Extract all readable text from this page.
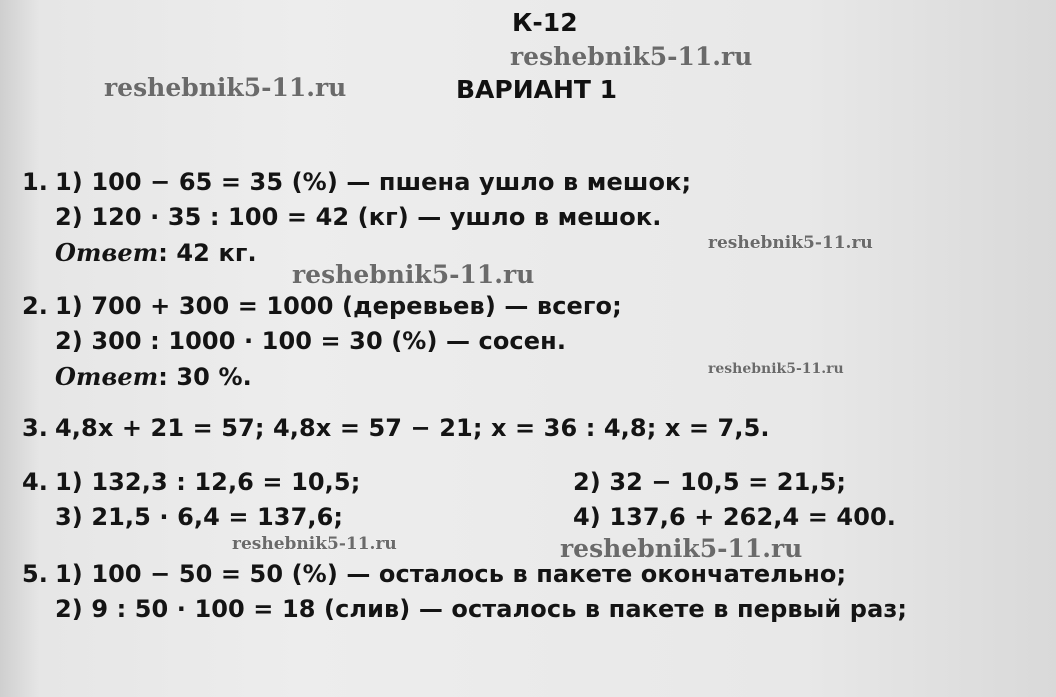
К-12
ВАРИАНТ 1
reshebnik5-11.ru
reshebnik5-11.ru
reshebnik5-11.ru
reshebnik5-11.ru
reshebnik5-11.ru
reshebnik5-11.ru	reshebnik5-11.ru
1. 1) 100 − 65 = 35 (%) — пшена ушло в мешок;
2) 120 · 35 : 100 = 42 (кг) — ушло в мешок.
Ответ: 42 кг.
2. 1) 700 + 300 = 1000 (деревьев) — всего;
2) 300 : 1000 · 100 = 30 (%) — сосен.
Ответ: 30 %.
3. 4,8x + 21 = 57; 4,8x = 57 − 21; x = 36 : 4,8; x = 7,5.
4. 1) 132,3 : 12,6 = 10,5;	2) 32 − 10,5 = 21,5;
3) 21,5 · 6,4 = 137,6;	4) 137,6 + 262,4 = 400.
5. 1) 100 − 50 = 50 (%) — осталось в пакете окончательно;
2) 9 : 50 · 100 = 18 (слив) — осталось в пакете в первый раз;
